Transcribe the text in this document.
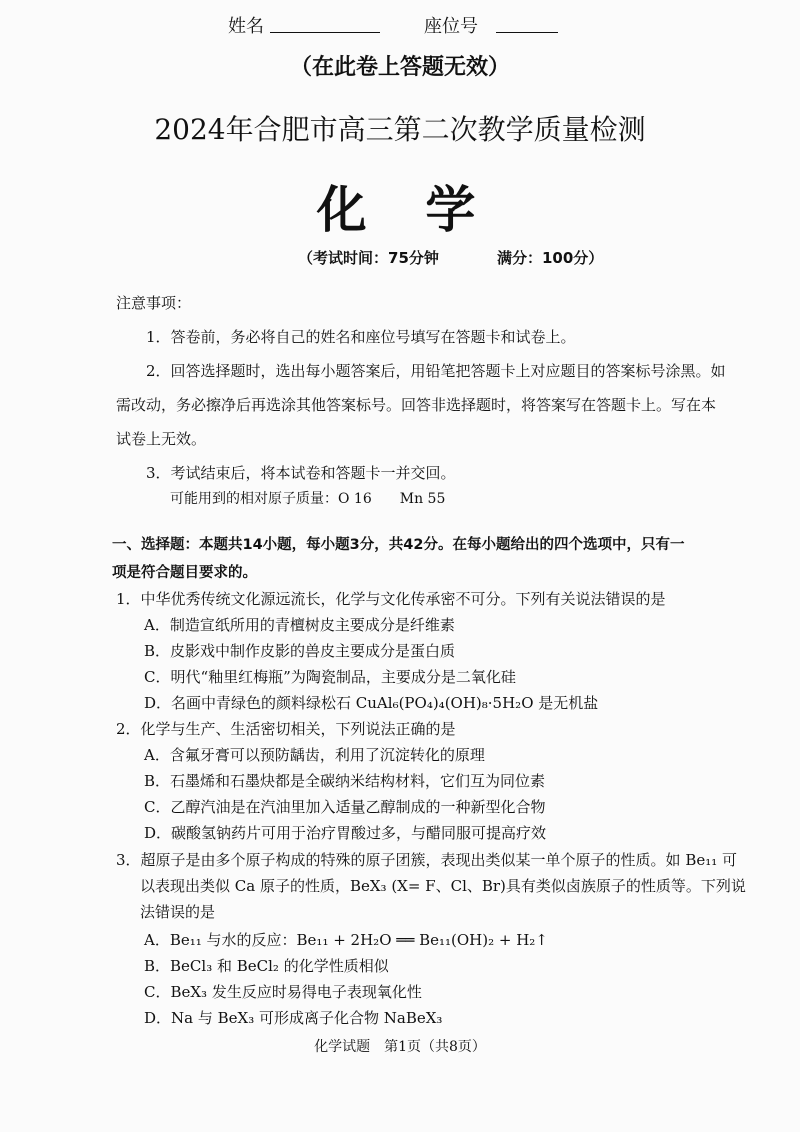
姓名	座位号
（在此卷上答题无效）
2024年合肥市高三第二次教学质量检测
化  学
（考试时间：75分钟	满分：100分）
注意事项：
1．答卷前，务必将自己的姓名和座位号填写在答题卡和试卷上。
2．回答选择题时，选出每小题答案后，用铅笔把答题卡上对应题目的答案标号涂黑。如
需改动，务必擦净后再选涂其他答案标号。回答非选择题时，将答案写在答题卡上。写在本
试卷上无效。
3．考试结束后，将本试卷和答题卡一并交回。
可能用到的相对原子质量：O 16　　Mn 55
一、选择题：本题共14小题，每小题3分，共42分。在每小题给出的四个选项中，只有一
项是符合题目要求的。
1．中华优秀传统文化源远流长，化学与文化传承密不可分。下列有关说法错误的是
A．制造宣纸所用的青檀树皮主要成分是纤维素
B．皮影戏中制作皮影的兽皮主要成分是蛋白质
C．明代“釉里红梅瓶”为陶瓷制品，主要成分是二氧化硅
D．名画中青绿色的颜料绿松石 CuAl₆(PO₄)₄(OH)₈·5H₂O 是无机盐
2．化学与生产、生活密切相关，下列说法正确的是
A．含氟牙膏可以预防龋齿，利用了沉淀转化的原理
B．石墨烯和石墨炔都是全碳纳米结构材料，它们互为同位素
C．乙醇汽油是在汽油里加入适量乙醇制成的一种新型化合物
D．碳酸氢钠药片可用于治疗胃酸过多，与醋同服可提高疗效
3．超原子是由多个原子构成的特殊的原子团簇，表现出类似某一单个原子的性质。如 Be₁₁ 可
以表现出类似 Ca 原子的性质，BeX₃ (X= F、Cl、Br)具有类似卤族原子的性质等。下列说
法错误的是
A．Be₁₁ 与水的反应：Be₁₁ + 2H₂O ══ Be₁₁(OH)₂ + H₂↑
B．BeCl₃ 和 BeCl₂ 的化学性质相似
C．BeX₃ 发生反应时易得电子表现氧化性
D．Na 与 BeX₃ 可形成离子化合物 NaBeX₃
化学试题　第1页（共8页）
